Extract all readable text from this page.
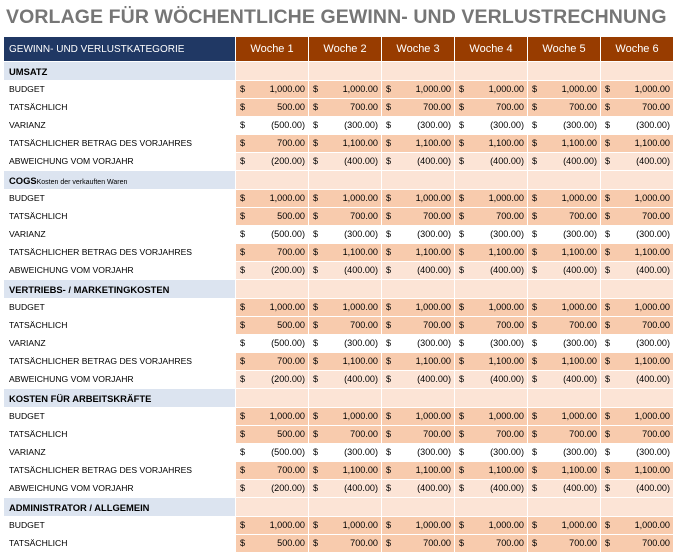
VORLAGE FÜR WÖCHENTLICHE GEWINN- UND VERLUSTRECHNUNG
GEWINN- UND VERLUSTKATEGORIE	Woche 1	Woche 2	Woche 3	Woche 4	Woche 5	Woche 6
UMSATZ						
BUDGET	$ 1,000.00	$ 1,000.00	$ 1,000.00	$ 1,000.00	$ 1,000.00	$ 1,000.00

TATSÄCHLICH	$ 500.00	$ 700.00	$ 700.00	$ 700.00	$ 700.00	$ 700.00

VARIANZ	$ (500.00)	$ (300.00)	$ (300.00)	$ (300.00)	$ (300.00)	$ (300.00)

TATSÄCHLICHER BETRAG DES VORJAHRES	$ 700.00	$ 1,100.00	$ 1,100.00	$ 1,100.00	$ 1,100.00	$ 1,100.00

ABWEICHUNG VOM VORJAHR	$ (200.00)	$ (400.00)	$ (400.00)	$ (400.00)	$ (400.00)	$ (400.00)

COGSKosten der verkauften Waren						
BUDGET	$ 1,000.00	$ 1,000.00	$ 1,000.00	$ 1,000.00	$ 1,000.00	$ 1,000.00

TATSÄCHLICH	$ 500.00	$ 700.00	$ 700.00	$ 700.00	$ 700.00	$ 700.00

VARIANZ	$ (500.00)	$ (300.00)	$ (300.00)	$ (300.00)	$ (300.00)	$ (300.00)

TATSÄCHLICHER BETRAG DES VORJAHRES	$ 700.00	$ 1,100.00	$ 1,100.00	$ 1,100.00	$ 1,100.00	$ 1,100.00

ABWEICHUNG VOM VORJAHR	$ (200.00)	$ (400.00)	$ (400.00)	$ (400.00)	$ (400.00)	$ (400.00)

VERTRIEBS- / MARKETINGKOSTEN						
BUDGET	$ 1,000.00	$ 1,000.00	$ 1,000.00	$ 1,000.00	$ 1,000.00	$ 1,000.00

TATSÄCHLICH	$ 500.00	$ 700.00	$ 700.00	$ 700.00	$ 700.00	$ 700.00

VARIANZ	$ (500.00)	$ (300.00)	$ (300.00)	$ (300.00)	$ (300.00)	$ (300.00)

TATSÄCHLICHER BETRAG DES VORJAHRES	$ 700.00	$ 1,100.00	$ 1,100.00	$ 1,100.00	$ 1,100.00	$ 1,100.00

ABWEICHUNG VOM VORJAHR	$ (200.00)	$ (400.00)	$ (400.00)	$ (400.00)	$ (400.00)	$ (400.00)

KOSTEN FÜR ARBEITSKRÄFTE						
BUDGET	$ 1,000.00	$ 1,000.00	$ 1,000.00	$ 1,000.00	$ 1,000.00	$ 1,000.00

TATSÄCHLICH	$ 500.00	$ 700.00	$ 700.00	$ 700.00	$ 700.00	$ 700.00

VARIANZ	$ (500.00)	$ (300.00)	$ (300.00)	$ (300.00)	$ (300.00)	$ (300.00)

TATSÄCHLICHER BETRAG DES VORJAHRES	$ 700.00	$ 1,100.00	$ 1,100.00	$ 1,100.00	$ 1,100.00	$ 1,100.00

ABWEICHUNG VOM VORJAHR	$ (200.00)	$ (400.00)	$ (400.00)	$ (400.00)	$ (400.00)	$ (400.00)

ADMINISTRATOR / ALLGEMEIN						
BUDGET	$ 1,000.00	$ 1,000.00	$ 1,000.00	$ 1,000.00	$ 1,000.00	$ 1,000.00

TATSÄCHLICH	$ 500.00	$ 700.00	$ 700.00	$ 700.00	$ 700.00	$ 700.00
